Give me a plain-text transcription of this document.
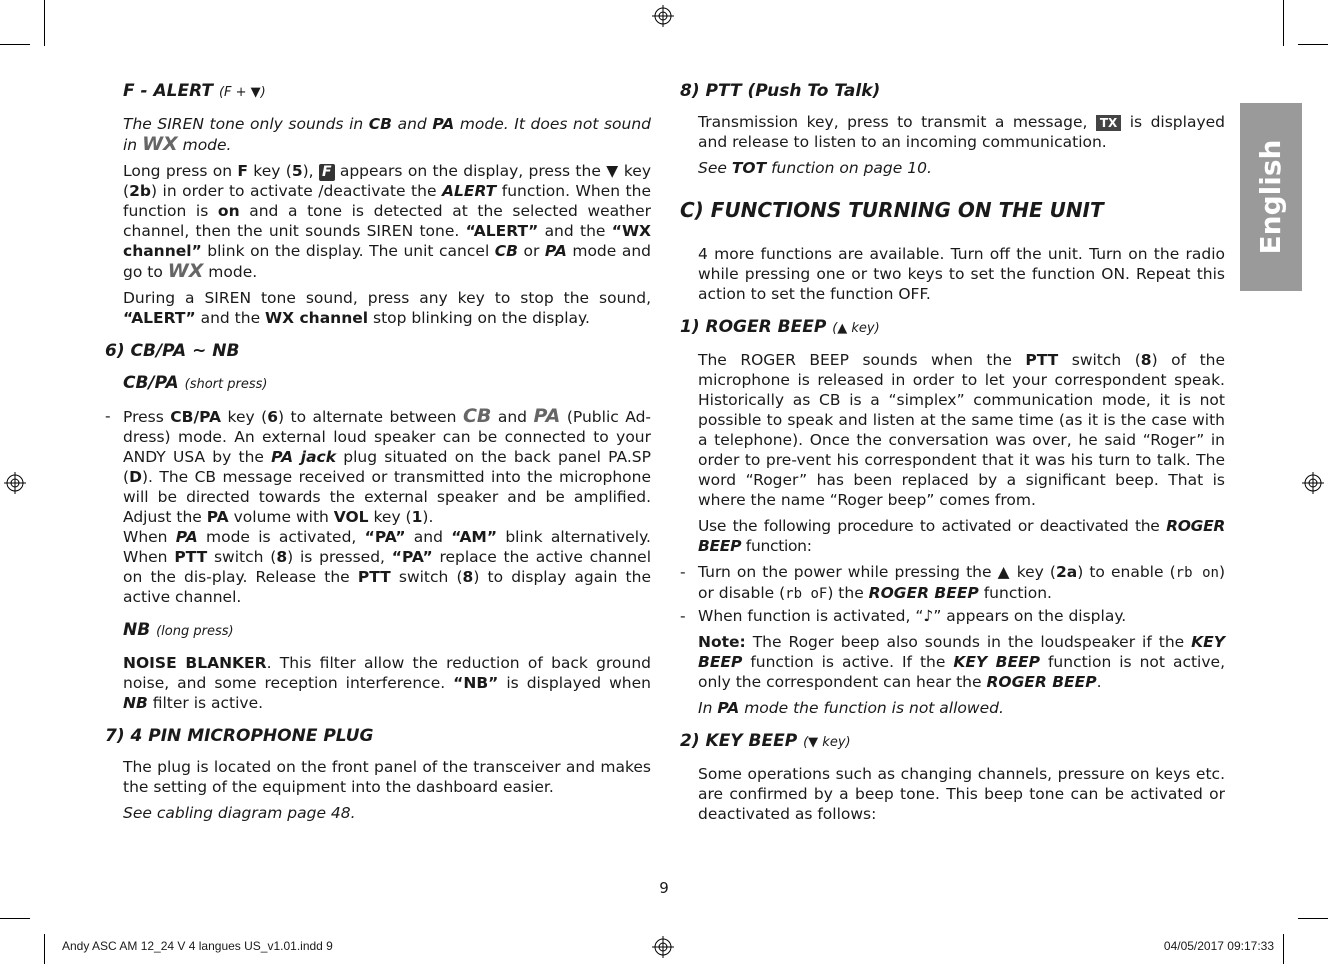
English
F - ALERT (F + ▼)

The SIREN tone only sounds in CB and PA mode. It does not sound in WX mode.

Long press on F key (5), F appears on the display, press the ▼ key (2b) in order to activate /deactivate the ALERT function. When the function is on and a tone is detected at the selected weather channel, then the unit sounds SIREN tone. “ALERT” and the “WX channel” blink on the display. The unit cancel CB or PA mode and go to WX mode.

During a SIREN tone sound, press any key to stop the sound, “ALERT” and the WX channel stop blinking on the display.

6) CB/PA ~ NB
CB/PA (short press)
- Press CB/PA key (6) to alternate between CB and PA (Public Ad-dress) mode. An external loud speaker can be connected to your ANDY USA by the PA jack plug situated on the back panel PA.SP (D). The CB message received or transmitted into the microphone will be directed towards the external speaker and be amplified. Adjust the PA volume with VOL key (1).
When PA mode is activated, “PA” and “AM” blink alternatively. When PTT switch (8) is pressed, “PA” replace the active channel on the dis-play. Release the PTT switch (8) to display again the active channel.
NB (long press)

NOISE BLANKER. This filter allow the reduction of back ground noise, and some reception interference. “NB” is displayed when NB filter is active.

7) 4 PIN MICROPHONE PLUG

The plug is located on the front panel of the transceiver and makes the setting of the equipment into the dashboard easier.

See cabling diagram page 48.

8) PTT (Push To Talk)

Transmission key, press to transmit a message, TX is displayed and release to listen to an incoming communication.

See TOT function on page 10.

C) FUNCTIONS TURNING ON THE UNIT

4 more functions are available. Turn off the unit. Turn on the radio while pressing one or two keys to set the function ON. Repeat this action to set the function OFF.

1) ROGER BEEP (▲ key)

The ROGER BEEP sounds when the PTT switch (8) of the microphone is released in order to let your correspondent speak. Historically as CB is a “simplex” communication mode, it is not possible to speak and listen at the same time (as it is the case with a telephone). Once the conversation was over, he said “Roger” in order to pre-vent his correspondent that it was his turn to talk. The word “Roger” has been replaced by a significant beep. That is where the name “Roger beep” comes from.

Use the following procedure to activated or deactivated the ROGER BEEP function:

- Turn on the power while pressing the ▲ key (2a) to enable (rb on) or disable (rb oF) the ROGER BEEP function.
- When function is activated, “♪” appears on the display.

Note: The Roger beep also sounds in the loudspeaker if the KEY BEEP function is active. If the KEY BEEP function is not active, only the correspondent can hear the ROGER BEEP.

In PA mode the function is not allowed.

2) KEY BEEP (▼ key)

Some operations such as changing channels, pressure on keys etc. are confirmed by a beep tone. This beep tone can be activated or deactivated as follows:

9
Andy ASC AM 12_24 V 4 langues US_v1.01.indd 9	04/05/2017 09:17:33
